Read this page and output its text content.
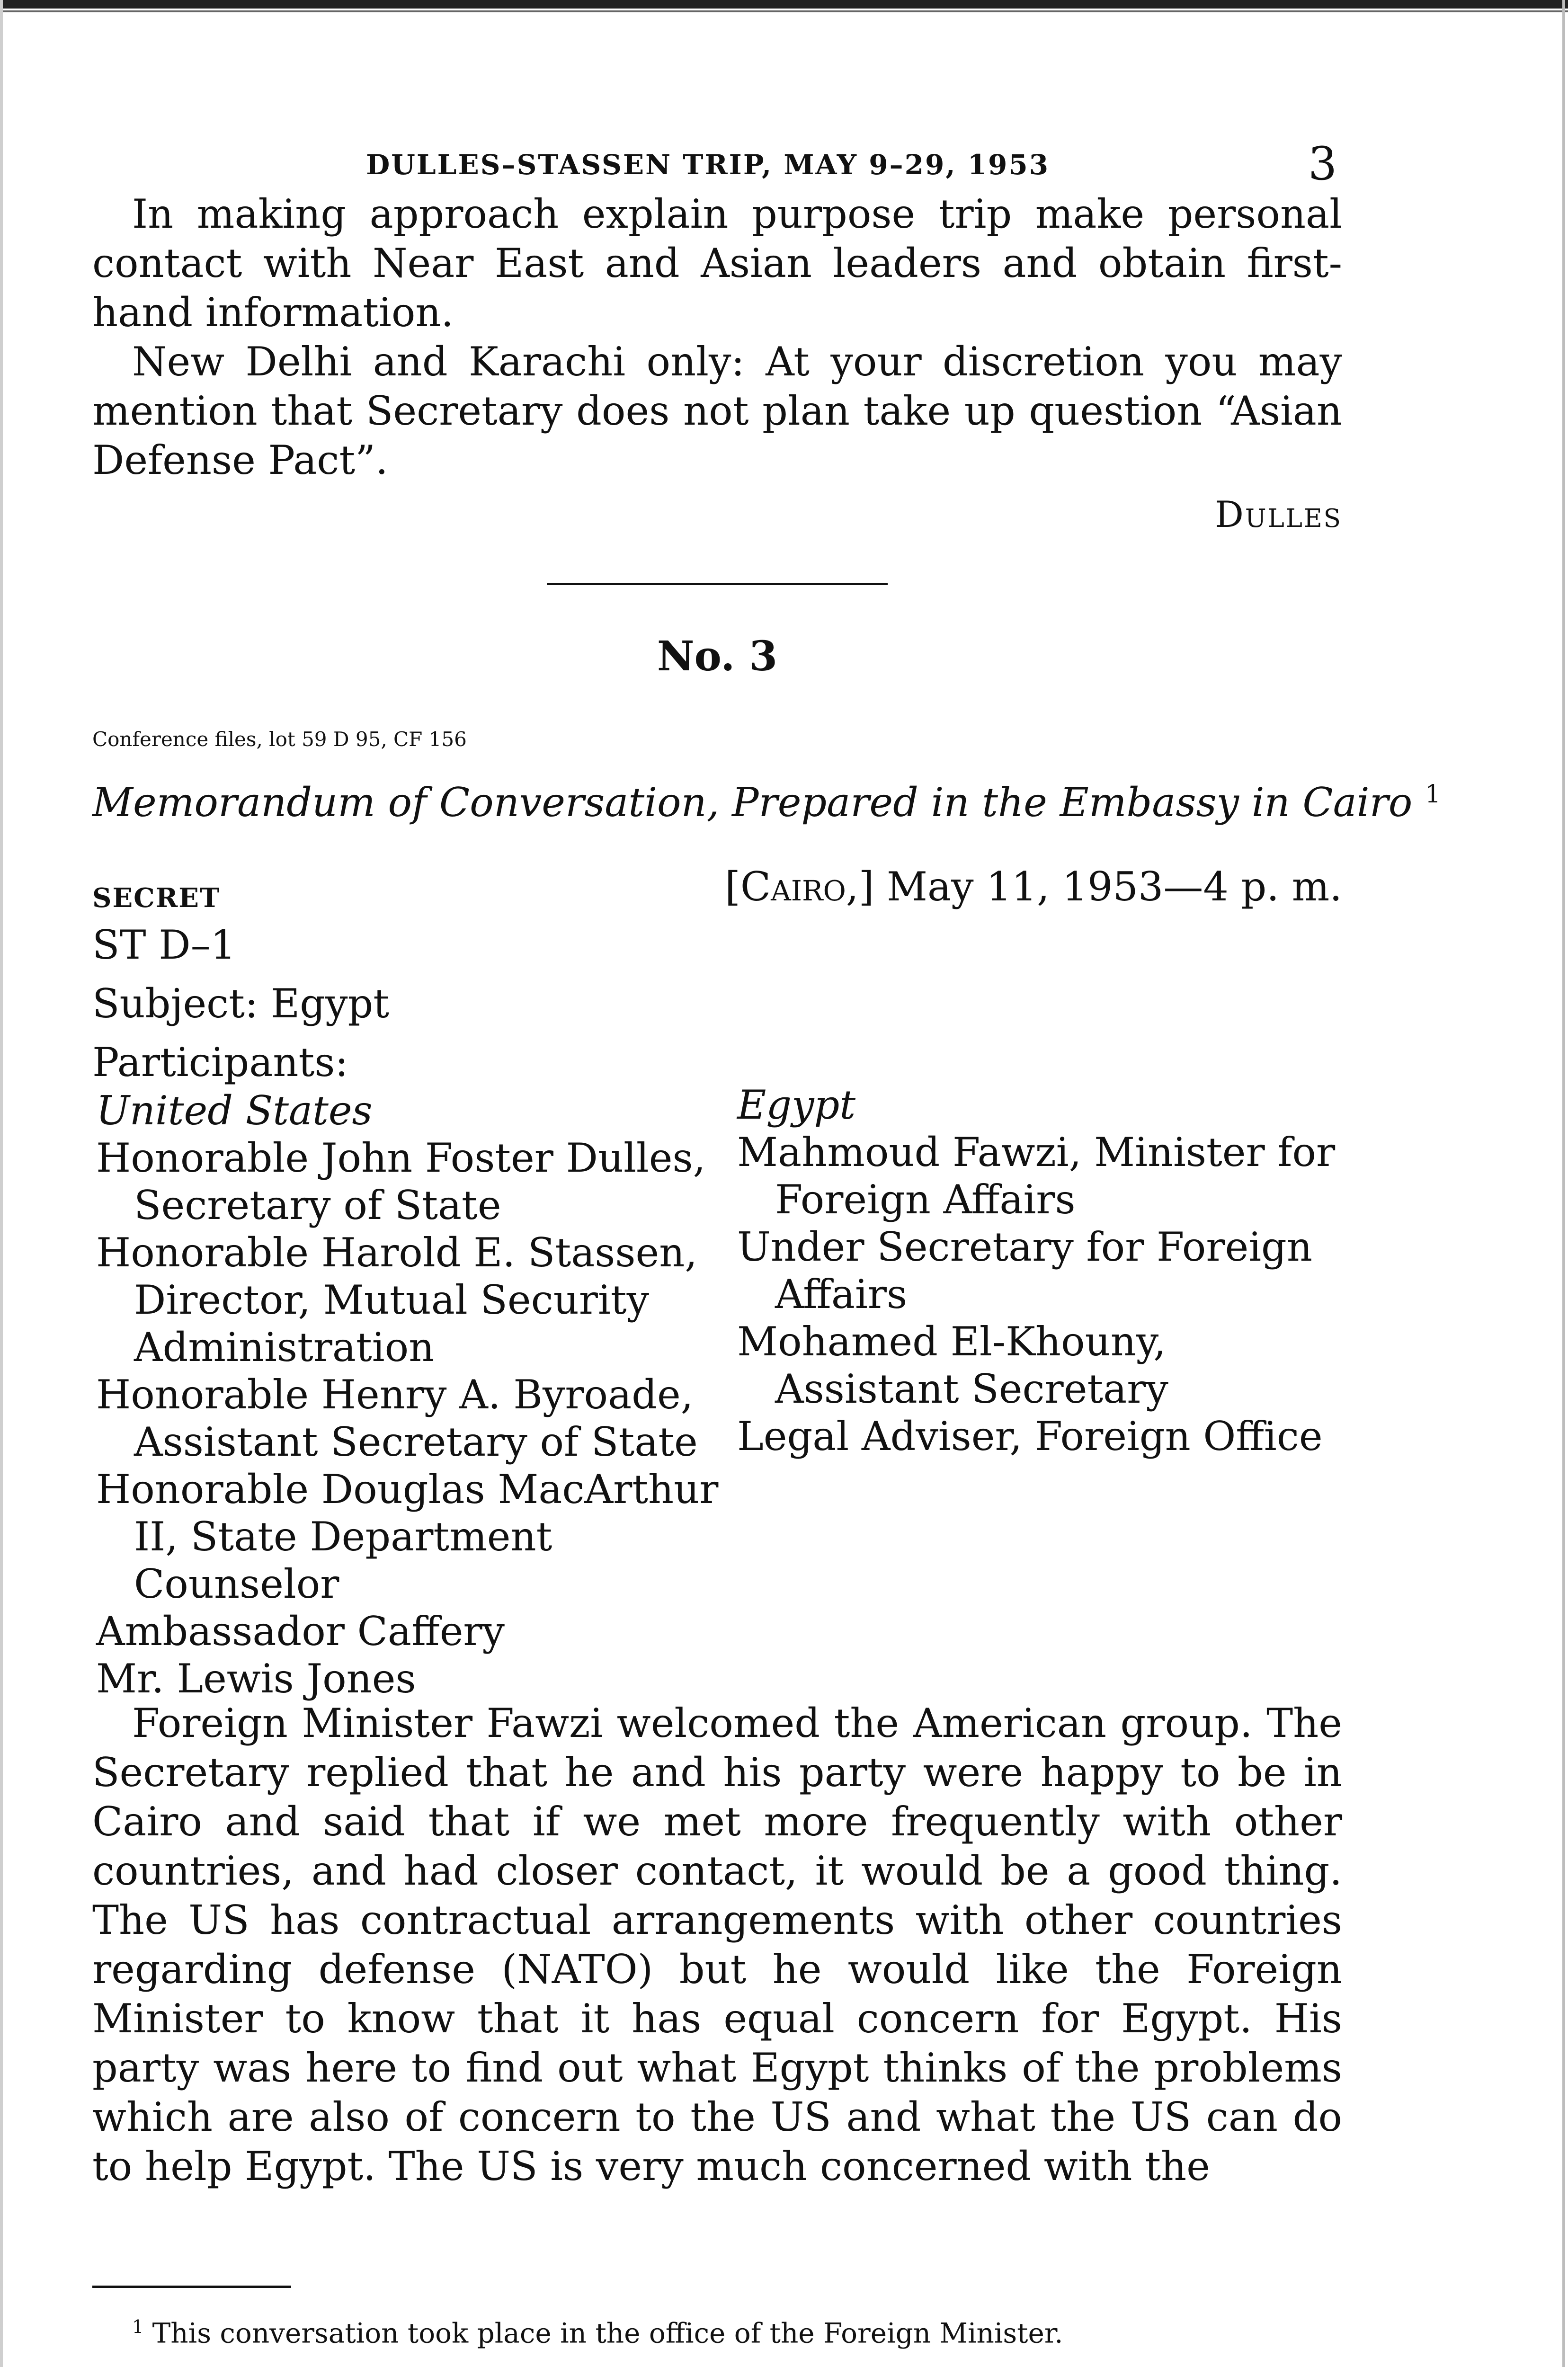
DULLES–STASSEN TRIP, MAY 9–29, 1953	3

In making approach explain purpose trip make personal contact with Near East and Asian leaders and obtain first-hand information.

New Delhi and Karachi only: At your discretion you may mention that Secretary does not plan take up question “Asian Defense Pact”.

Dulles
No. 3
Conference files, lot 59 D 95, CF 156
Memorandum of Conversation, Prepared in the Embassy in Cairo $^1$
SECRET	[Cairo,] May 11, 1953—4 p. m.

ST D–1

Subject: Egypt

Participants:

United States

Honorable John Foster Dulles, Secretary of State

Honorable Harold E. Stassen, Director, Mutual Security Administration

Honorable Henry A. Byroade, Assistant Secretary of State

Honorable Douglas MacArthur II, State Department Counselor

Ambassador Caffery

Mr. Lewis Jones

Egypt

Mahmoud Fawzi, Minister for Foreign Affairs

Under Secretary for Foreign Affairs

Mohamed El-Khouny, Assistant Secretary

Legal Adviser, Foreign Office

Foreign Minister Fawzi welcomed the American group. The Secretary replied that he and his party were happy to be in Cairo and said that if we met more frequently with other countries, and had closer contact, it would be a good thing. The US has contractual arrangements with other countries regarding defense (NATO) but he would like the Foreign Minister to know that it has equal concern for Egypt. His party was here to find out what Egypt thinks of the problems which are also of concern to the US and what the US can do to help Egypt. The US is very much concerned with the

$^1$ This conversation took place in the office of the Foreign Minister.
